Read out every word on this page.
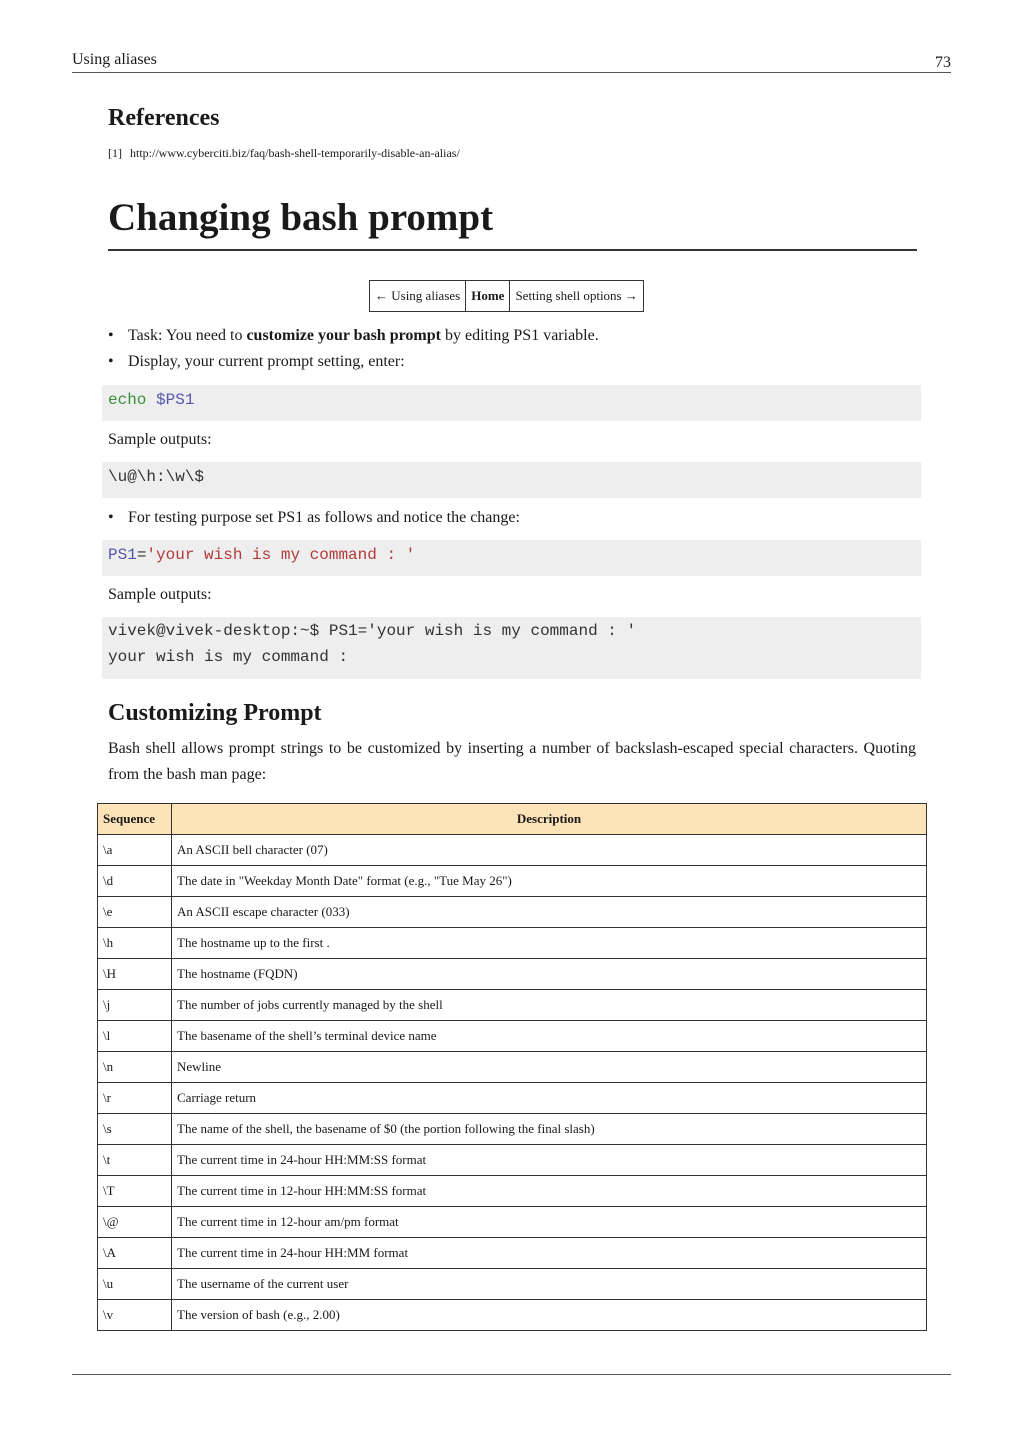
Using aliases	73
References
[1] http://www.cyberciti.biz/faq/bash-shell-temporarily-disable-an-alias/
Changing bash prompt
← Using aliases Home Setting shell options →
• Task: You need to customize your bash prompt by editing PS1 variable.
• Display, your current prompt setting, enter:
echo $PS1
Sample outputs:
\u@\h:\w\$
• For testing purpose set PS1 as follows and notice the change:
PS1='your wish is my command : '
Sample outputs:
vivek@vivek-desktop:~$ PS1='your wish is my command : '
your wish is my command :
Customizing Prompt
Bash shell allows prompt strings to be customized by inserting a number of backslash-escaped special characters. Quoting from the bash man page:
Sequence	Description
\a	An ASCII bell character (07)
\d	The date in "Weekday Month Date" format (e.g., "Tue May 26")
\e	An ASCII escape character (033)
\h	The hostname up to the first .
\H	The hostname (FQDN)
\j	The number of jobs currently managed by the shell
\l	The basename of the shell’s terminal device name
\n	Newline
\r	Carriage return
\s	The name of the shell, the basename of $0 (the portion following the final slash)
\t	The current time in 24-hour HH:MM:SS format
\T	The current time in 12-hour HH:MM:SS format
\@	The current time in 12-hour am/pm format
\A	The current time in 24-hour HH:MM format
\u	The username of the current user
\v	The version of bash (e.g., 2.00)
